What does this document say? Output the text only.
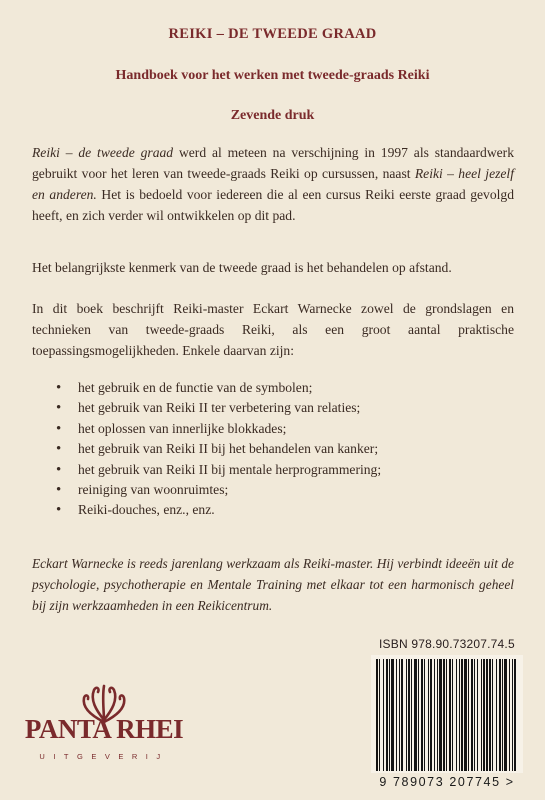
REIKI – DE TWEEDE GRAAD
Handboek voor het werken met tweede-graads Reiki
Zevende druk

Reiki – de tweede graad werd al meteen na verschijning in 1997 als standaardwerk gebruikt voor het leren van tweede-graads Reiki op cursussen, naast Reiki – heel jezelf en anderen. Het is bedoeld voor iedereen die al een cursus Reiki eerste graad gevolgd heeft, en zich verder wil ontwikkelen op dit pad.

Het belangrijkste kenmerk van de tweede graad is het behandelen op afstand.

In dit boek beschrijft Reiki-master Eckart Warnecke zowel de grondslagen en technieken van tweede-graads Reiki, als een groot aantal praktische toepassingsmogelijkheden. Enkele daarvan zijn:

• het gebruik en de functie van de symbolen;
• het gebruik van Reiki II ter verbetering van relaties;
• het oplossen van innerlijke blokkades;
• het gebruik van Reiki II bij het behandelen van kanker;
• het gebruik van Reiki II bij mentale herprogrammering;
• reiniging van woonruimtes;
• Reiki-douches, enz., enz.

Eckart Warnecke is reeds jarenlang werkzaam als Reiki-master. Hij verbindt ideeën uit de psychologie, psychotherapie en Mentale Training met elkaar tot een harmonisch geheel bij zijn werkzaamheden in een Reikicentrum.

PANTA RHEI
UITGEVERIJ
ISBN 978.90.73207.74.5
9 789073 207745 >
